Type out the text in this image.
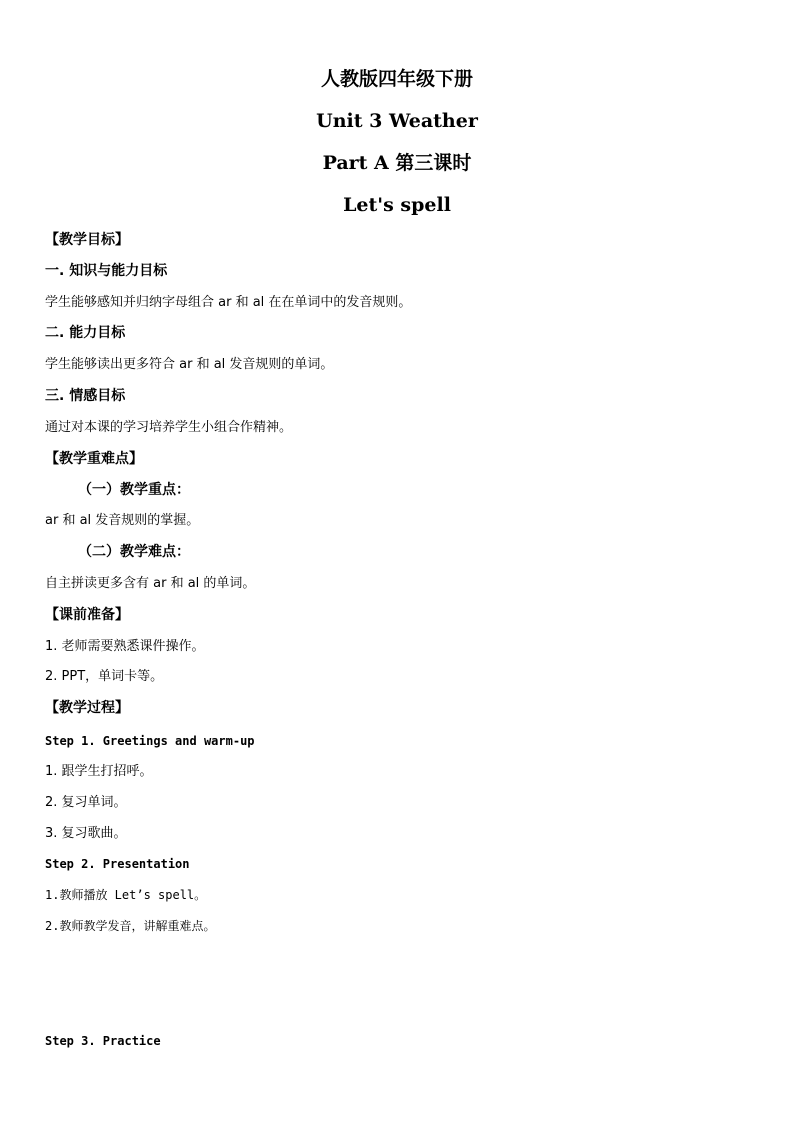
人教版四年级下册
Unit 3 Weather
Part A 第三课时
Let's spell
【教学目标】
一. 知识与能力目标
学生能够感知并归纳字母组合 ar 和 al 在在单词中的发音规则。
二. 能力目标
学生能够读出更多符合 ar 和 al 发音规则的单词。
三. 情感目标
通过对本课的学习培养学生小组合作精神。
【教学重难点】
（一）教学重点：
ar 和 al 发音规则的掌握。
（二）教学难点：
自主拼读更多含有 ar 和 al 的单词。
【课前准备】
1. 老师需要熟悉课件操作。
2. PPT，单词卡等。
【教学过程】
Step 1. Greetings and warm-up
1. 跟学生打招呼。
2. 复习单词。
3. 复习歌曲。
Step 2. Presentation
1.教师播放 Let’s spell。
2.教师教学发音，讲解重难点。
Step 3. Practice
